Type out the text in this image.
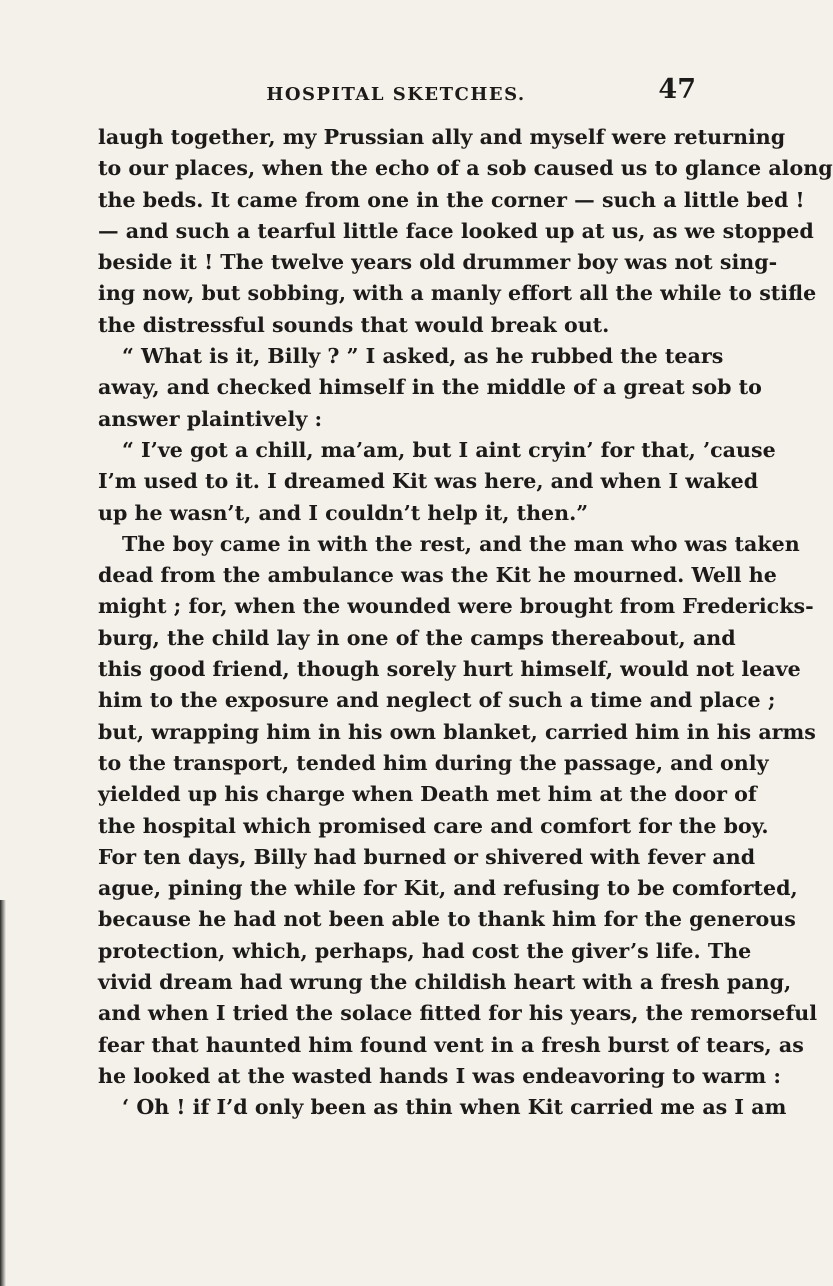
HOSPITAL SKETCHES.	47
laugh together, my Prussian ally and myself were returning
to our places, when the echo of a sob caused us to glance along
the beds. It came from one in the corner — such a little bed !
— and such a tearful little face looked up at us, as we stopped
beside it ! The twelve years old drummer boy was not sing-
ing now, but sobbing, with a manly effort all the while to stifle
the distressful sounds that would break out.
“ What is it, Billy ? ” I asked, as he rubbed the tears
away, and checked himself in the middle of a great sob to
answer plaintively :
“ I’ve got a chill, ma’am, but I aint cryin’ for that, ’cause
I’m used to it. I dreamed Kit was here, and when I waked
up he wasn’t, and I couldn’t help it, then.”
The boy came in with the rest, and the man who was taken
dead from the ambulance was the Kit he mourned. Well he
might ; for, when the wounded were brought from Fredericks-
burg, the child lay in one of the camps thereabout, and
this good friend, though sorely hurt himself, would not leave
him to the exposure and neglect of such a time and place ;
but, wrapping him in his own blanket, carried him in his arms
to the transport, tended him during the passage, and only
yielded up his charge when Death met him at the door of
the hospital which promised care and comfort for the boy.
For ten days, Billy had burned or shivered with fever and
ague, pining the while for Kit, and refusing to be comforted,
because he had not been able to thank him for the generous
protection, which, perhaps, had cost the giver’s life. The
vivid dream had wrung the childish heart with a fresh pang,
and when I tried the solace fitted for his years, the remorseful
fear that haunted him found vent in a fresh burst of tears, as
he looked at the wasted hands I was endeavoring to warm :
‘ Oh ! if I’d only been as thin when Kit carried me as I am
